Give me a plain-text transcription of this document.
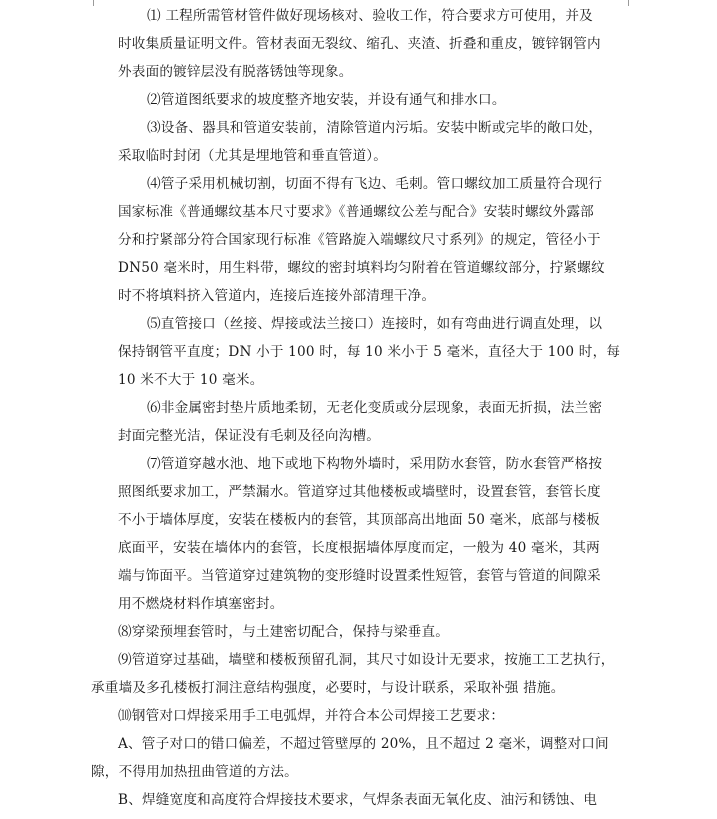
⑴ 工程所需管材管件做好现场核对、验收工作，符合要求方可使用，并及
时收集质量证明文件。管材表面无裂纹、缩孔、夹渣、折叠和重皮，镀锌钢管内
外表面的镀锌层没有脱落锈蚀等现象。
⑵管道图纸要求的坡度整齐地安装，并设有通气和排水口。
⑶设备、器具和管道安装前，清除管道内污垢。安装中断或完毕的敞口处，
采取临时封闭（尤其是埋地管和垂直管道）。
⑷管子采用机械切割，切面不得有飞边、毛刺。管口螺纹加工质量符合现行
国家标准《普通螺纹基本尺寸要求》《普通螺纹公差与配合》安装时螺纹外露部
分和拧紧部分符合国家现行标准《管路旋入端螺纹尺寸系列》的规定，管径小于
DN50 毫米时，用生料带，螺纹的密封填料均匀附着在管道螺纹部分，拧紧螺纹
时不将填料挤入管道内，连接后连接外部清理干净。
⑸直管接口（丝接、焊接或法兰接口）连接时，如有弯曲进行调直处理，以
保持钢管平直度；DN 小于 100 时，每 10 米小于 5 毫米，直径大于 100 时，每
10 米不大于 10 毫米。
⑹非金属密封垫片质地柔韧，无老化变质或分层现象，表面无折损，法兰密
封面完整光洁，保证没有毛刺及径向沟槽。
⑺管道穿越水池、地下或地下构物外墙时，采用防水套管，防水套管严格按
照图纸要求加工，严禁漏水。管道穿过其他楼板或墙壁时，设置套管，套管长度
不小于墙体厚度，安装在楼板内的套管，其顶部高出地面 50 毫米，底部与楼板
底面平，安装在墙体内的套管，长度根据墙体厚度而定，一般为 40 毫米，其两
端与饰面平。当管道穿过建筑物的变形缝时设置柔性短管，套管与管道的间隙采
用不燃烧材料作填塞密封。
⑻穿梁预埋套管时，与土建密切配合，保持与梁垂直。
⑼管道穿过基础，墙壁和楼板预留孔洞，其尺寸如设计无要求，按施工工艺执行，
承重墙及多孔楼板打洞注意结构强度，必要时，与设计联系，采取补强 措施。
⑽钢管对口焊接采用手工电弧焊，并符合本公司焊接工艺要求：
A、管子对口的错口偏差，不超过管壁厚的 20%，且不超过 2 毫米，调整对口间
隙，不得用加热扭曲管道的方法。
B、焊缝宽度和高度符合焊接技术要求，气焊条表面无氧化皮、油污和锈蚀、电
